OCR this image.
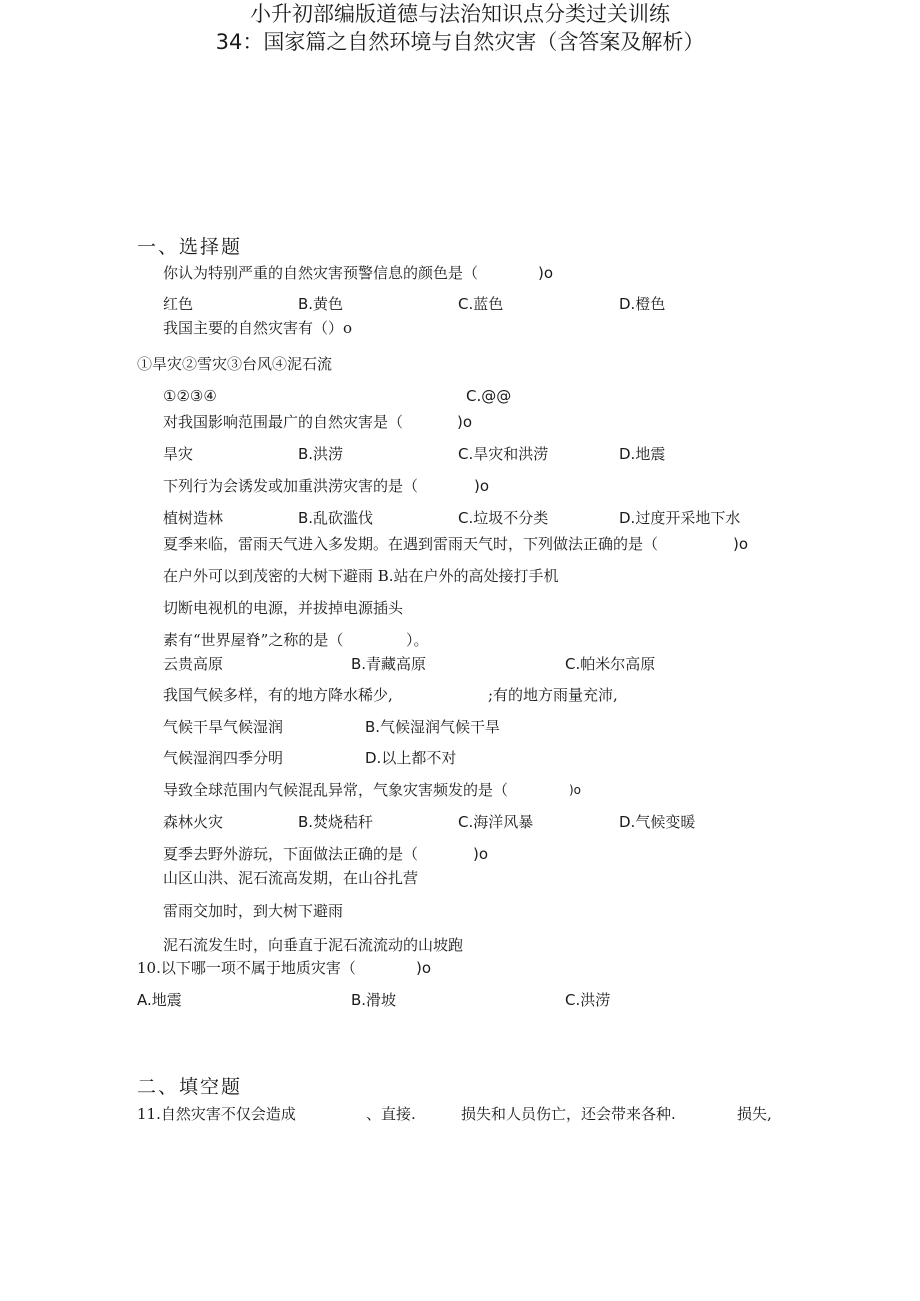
小升初部编版道德与法治知识点分类过关训练
34：国家篇之自然环境与自然灾害（含答案及解析）
一、选择题
你认为特别严重的自然灾害预警信息的颜色是（	)o
红色	B.黄色	C.蓝色	D.橙色
我国主要的自然灾害有（）o
①旱灾②雪灾③台风④泥石流
①②③④	C.@@
对我国影响范围最广的自然灾害是（	)o
旱灾	B.洪涝	C.旱灾和洪涝	D.地震
下列行为会诱发或加重洪涝灾害的是（	)o
植树造林	B.乱砍滥伐	C.垃圾不分类	D.过度开采地下水
夏季来临，雷雨天气进入多发期。在遇到雷雨天气时，下列做法正确的是（	)o
在户外可以到茂密的大树下避雨 B.站在户外的高处接打手机
切断电视机的电源，并拔掉电源插头
素有“世界屋脊”之称的是（	）。
云贵高原	B.青藏高原	C.帕米尔高原
我国气候多样，有的地方降水稀少,	;有的地方雨量充沛,
气候干旱气候湿润	B.气候湿润气候干旱
气候湿润四季分明	D.以上都不对
导致全球范围内气候混乱异常，气象灾害频发的是（	)o
森林火灾	B.焚烧秸秆	C.海洋风暴	D.气候变暖
夏季去野外游玩，下面做法正确的是（	)o
山区山洪、泥石流高发期，在山谷扎营
雷雨交加时，到大树下避雨
泥石流发生时，向垂直于泥石流流动的山坡跑
10.以下哪一项不属于地质灾害（	)o
A.地震	B.滑坡	C.洪涝
二、填空题
11.自然灾害不仅会造成	、直接.	损失和人员伤亡，还会带来各种.	损失,
